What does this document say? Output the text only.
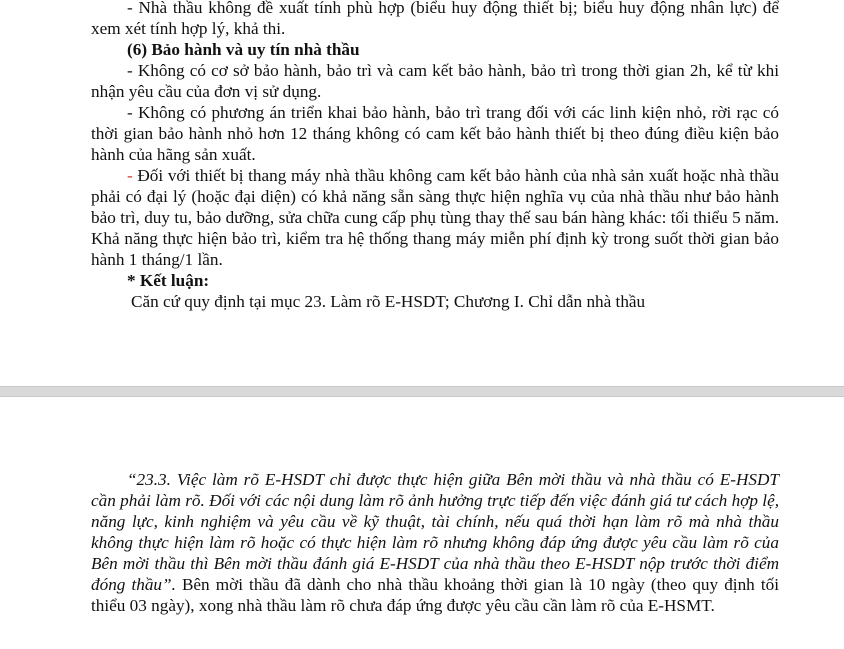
- Nhà thầu không đề xuất tính phù hợp (biểu huy động thiết bị; biểu huy động nhân lực) để xem xét tính hợp lý, khả thi.

(6) Bảo hành và uy tín nhà thầu

- Không có cơ sở bảo hành, bảo trì và cam kết bảo hành, bảo trì trong thời gian 2h, kể từ khi nhận yêu cầu của đơn vị sử dụng.

- Không có phương án triển khai bảo hành, bảo trì trang đối với các linh kiện nhỏ, rời rạc có thời gian bảo hành nhỏ hơn 12 tháng không có cam kết bảo hành thiết bị theo đúng điều kiện bảo hành của hãng sản xuất.

- Đối với thiết bị thang máy nhà thầu không cam kết bảo hành của nhà sản xuất hoặc nhà thầu phải có đại lý (hoặc đại diện) có khả năng sẵn sàng thực hiện nghĩa vụ của nhà thầu như bảo hành bảo trì, duy tu, bảo dưỡng, sửa chữa cung cấp phụ tùng thay thế sau bán hàng khác: tối thiểu 5 năm. Khả năng thực hiện bảo trì, kiểm tra hệ thống thang máy miễn phí định kỳ trong suốt thời gian bảo hành 1 tháng/1 lần.

* Kết luận:

Căn cứ quy định tại mục 23. Làm rõ E-HSDT; Chương I. Chỉ dẫn nhà thầu

“23.3. Việc làm rõ E-HSDT chỉ được thực hiện giữa Bên mời thầu và nhà thầu có E-HSDT cần phải làm rõ. Đối với các nội dung làm rõ ảnh hưởng trực tiếp đến việc đánh giá tư cách hợp lệ, năng lực, kinh nghiệm và yêu cầu về kỹ thuật, tài chính, nếu quá thời hạn làm rõ mà nhà thầu không thực hiện làm rõ hoặc có thực hiện làm rõ nhưng không đáp ứng được yêu cầu làm rõ của Bên mời thầu thì Bên mời thầu đánh giá E-HSDT của nhà thầu theo E-HSDT nộp trước thời điểm đóng thầu”. Bên mời thầu đã dành cho nhà thầu khoảng thời gian là 10 ngày (theo quy định tối thiểu 03 ngày), xong nhà thầu làm rõ chưa đáp ứng được yêu cầu cần làm rõ của E-HSMT.
